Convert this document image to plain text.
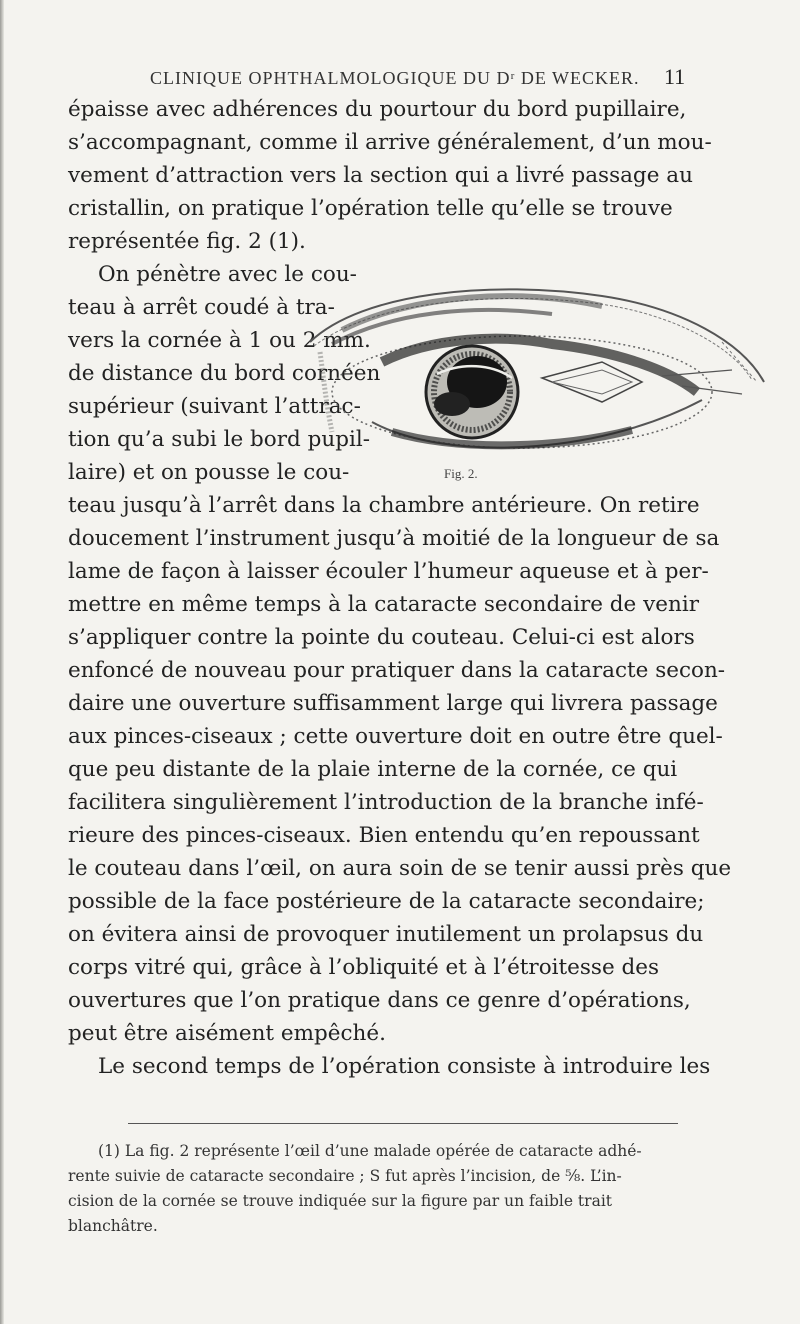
CLINIQUE OPHTHALMOLOGIQUE DU Dʳ DE WECKER.	11
épaisse avec adhérences du pourtour du bord pupillaire,
s’accompagnant, comme il arrive généralement, d’un mou-
vement d’attraction vers la section qui a livré passage au
cristallin, on pratique l’opération telle qu’elle se trouve
représentée fig. 2 (1).
On pénètre avec le cou-
teau à arrêt coudé à tra-
vers la cornée à 1 ou 2 mm.
de distance du bord cornéen
supérieur (suivant l’attrac-
tion qu’a subi le bord pupil-
laire) et on pousse le cou-
teau jusqu’à l’arrêt dans la chambre antérieure. On retire
doucement l’instrument jusqu’à moitié de la longueur de sa
lame de façon à laisser écouler l’humeur aqueuse et à per-
mettre en même temps à la cataracte secondaire de venir
s’appliquer contre la pointe du couteau. Celui-ci est alors
enfoncé de nouveau pour pratiquer dans la cataracte secon-
daire une ouverture suffisamment large qui livrera passage
aux pinces-ciseaux ; cette ouverture doit en outre être quel-
que peu distante de la plaie interne de la cornée, ce qui
facilitera singulièrement l’introduction de la branche infé-
rieure des pinces-ciseaux. Bien entendu qu’en repoussant
le couteau dans l’œil, on aura soin de se tenir aussi près que
possible de la face postérieure de la cataracte secondaire;
on évitera ainsi de provoquer inutilement un prolapsus du
corps vitré qui, grâce à l’obliquité et à l’étroitesse des
ouvertures que l’on pratique dans ce genre d’opérations,
peut être aisément empêché.
Le second temps de l’opération consiste à introduire les
Fig. 2.
(1) La fig. 2 représente l’œil d’une malade opérée de cataracte adhé-
rente suivie de cataracte secondaire ; S fut après l’incision, de ⅝. L’in-
cision de la cornée se trouve indiquée sur la figure par un faible trait
blanchâtre.
